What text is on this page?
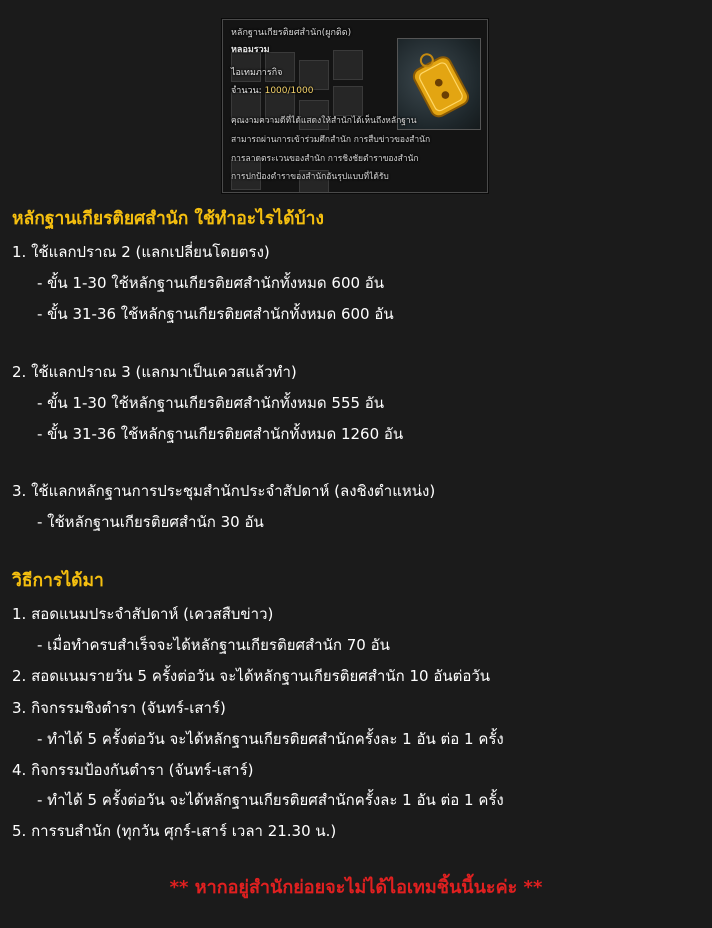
หลักฐานเกียรติยศสำนัก(ผูกติด)
หลอมรวม
ไอเทมภารกิจ
จำนวน: 1000/1000
●
●
คุณงามความดีที่ได้แสดงให้สำนักได้เห็นถึงหลักฐาน
สามารถผ่านการเข้าร่วมศึกสำนัก การสืบข่าวของสำนัก
การลาดตระเวนของสำนัก การชิงชัยตำราของสำนัก
การปกป้องตำราของสำนักอันรุปแบบที่ได้รับ
หลักฐานเกียรติยศสำนัก ใช้ทำอะไรได้บ้าง
1. ใช้แลกปราณ 2 (แลกเปลี่ยนโดยตรง)
- ขั้น 1-30 ใช้หลักฐานเกียรติยศสำนักทั้งหมด 600 อัน
- ขั้น 31-36 ใช้หลักฐานเกียรติยศสำนักทั้งหมด 600 อัน
2. ใช้แลกปราณ 3 (แลกมาเป็นเควสแล้วทำ)
- ขั้น 1-30 ใช้หลักฐานเกียรติยศสำนักทั้งหมด 555 อัน
- ขั้น 31-36 ใช้หลักฐานเกียรติยศสำนักทั้งหมด 1260 อัน
3. ใช้แลกหลักฐานการประชุมสำนักประจำสัปดาห์ (ลงชิงตำแหน่ง)
- ใช้หลักฐานเกียรติยศสำนัก 30 อัน
วิธีการได้มา
1. สอดแนมประจำสัปดาห์ (เควสสืบข่าว)
- เมื่อทำครบสำเร็จจะได้หลักฐานเกียรติยศสำนัก 70 อัน
2. สอดแนมรายวัน 5 ครั้งต่อวัน จะได้หลักฐานเกียรติยศสำนัก 10 อันต่อวัน
3. กิจกรรมชิงตำรา (จันทร์-เสาร์)
- ทำได้ 5 ครั้งต่อวัน จะได้หลักฐานเกียรติยศสำนักครั้งละ 1 อัน ต่อ 1 ครั้ง
4. กิจกรรมป้องกันตำรา (จันทร์-เสาร์)
- ทำได้ 5 ครั้งต่อวัน จะได้หลักฐานเกียรติยศสำนักครั้งละ 1 อัน ต่อ 1 ครั้ง
5. การรบสำนัก (ทุกวัน ศุกร์-เสาร์ เวลา 21.30 น.)
** หากอยู่สำนักย่อยจะไม่ได้ไอเทมชิ้นนี้นะค่ะ **
